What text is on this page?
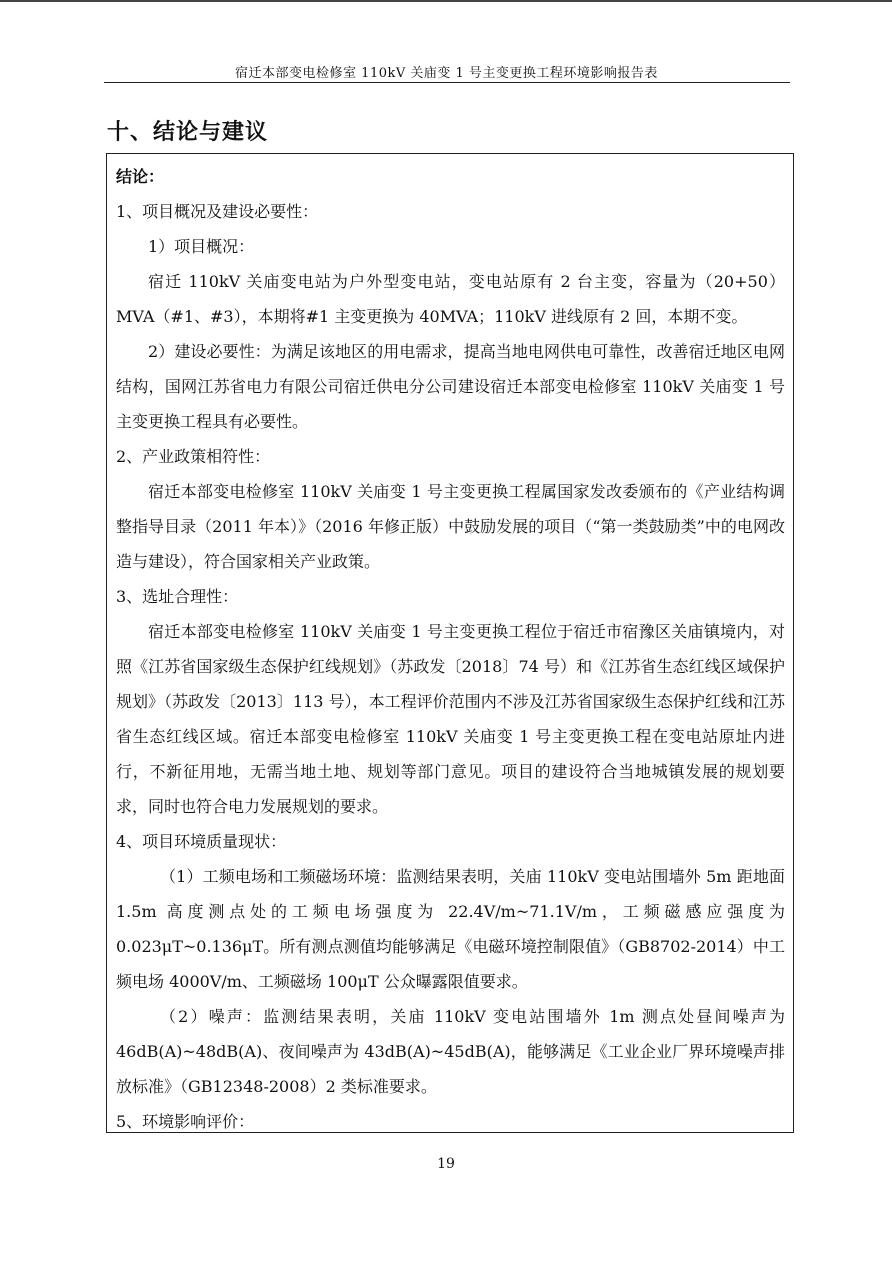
宿迁本部变电检修室 110kV 关庙变 1 号主变更换工程环境影响报告表
十、结论与建议

结论：

1、项目概况及建设必要性：

1）项目概况：

宿迁 110kV 关庙变电站为户外型变电站，变电站原有 2 台主变，容量为（20+50）MVA（#1、#3），本期将#1 主变更换为 40MVA；110kV 进线原有 2 回，本期不变。

2）建设必要性：为满足该地区的用电需求，提高当地电网供电可靠性，改善宿迁地区电网结构，国网江苏省电力有限公司宿迁供电分公司建设宿迁本部变电检修室 110kV 关庙变 1 号主变更换工程具有必要性。

2、产业政策相符性：

宿迁本部变电检修室 110kV 关庙变 1 号主变更换工程属国家发改委颁布的《产业结构调整指导目录（2011 年本）》（2016 年修正版）中鼓励发展的项目（“第一类鼓励类”中的电网改造与建设），符合国家相关产业政策。

3、选址合理性：

宿迁本部变电检修室 110kV 关庙变 1 号主变更换工程位于宿迁市宿豫区关庙镇境内，对照《江苏省国家级生态保护红线规划》（苏政发〔2018〕74 号）和《江苏省生态红线区域保护规划》（苏政发〔2013〕113 号），本工程评价范围内不涉及江苏省国家级生态保护红线和江苏省生态红线区域。宿迁本部变电检修室 110kV 关庙变 1 号主变更换工程在变电站原址内进行，不新征用地，无需当地土地、规划等部门意见。项目的建设符合当地城镇发展的规划要求，同时也符合电力发展规划的要求。

4、项目环境质量现状：

（1）工频电场和工频磁场环境：监测结果表明，关庙 110kV 变电站围墙外 5m 距地面 1.5m 高度测点处的工频电场强度为 22.4V/m~71.1V/m，工频磁感应强度为 0.023μT~0.136μT。所有测点测值均能够满足《电磁环境控制限值》（GB8702-2014）中工频电场 4000V/m、工频磁场 100μT 公众曝露限值要求。

（2）噪声：监测结果表明，关庙 110kV 变电站围墙外 1m 测点处昼间噪声为 46dB(A)~48dB(A)、夜间噪声为 43dB(A)~45dB(A)，能够满足《工业企业厂界环境噪声排放标准》（GB12348-2008）2 类标准要求。

5、环境影响评价：

19
